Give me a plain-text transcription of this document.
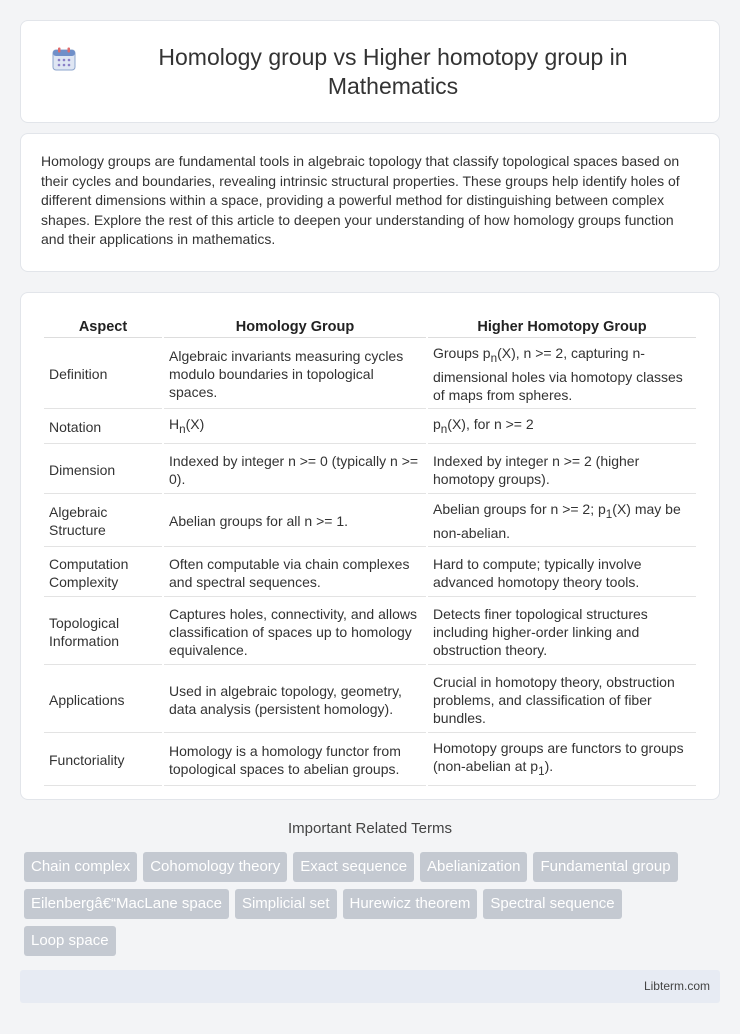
Homology group vs Higher homotopy group in Mathematics

Homology groups are fundamental tools in algebraic topology that classify topological spaces based on their cycles and boundaries, revealing intrinsic structural properties. These groups help identify holes of different dimensions within a space, providing a powerful method for distinguishing between complex shapes. Explore the rest of this article to deepen your understanding of how homology groups function and their applications in mathematics.

Aspect	Homology Group	Higher Homotopy Group
Definition	Algebraic invariants measuring cycles modulo boundaries in topological spaces.	Groups $p_n(X)$, n >= 2, capturing n-dimensional holes via homotopy classes of maps from spheres.
Notation	$H_n(X)$	$p_n(X)$, for n >= 2
Dimension	Indexed by integer n >= 0 (typically n >= 0).	Indexed by integer n >= 2 (higher homotopy groups).
Algebraic Structure	Abelian groups for all n >= 1.	Abelian groups for n >= 2; $p_1(X)$ may be non-abelian.
Computation Complexity	Often computable via chain complexes and spectral sequences.	Hard to compute; typically involve advanced homotopy theory tools.
Topological Information	Captures holes, connectivity, and allows classification of spaces up to homology equivalence.	Detects finer topological structures including higher-order linking and obstruction theory.
Applications	Used in algebraic topology, geometry, data analysis (persistent homology).	Crucial in homotopy theory, obstruction problems, and classification of fiber bundles.
Functoriality	Homology is a homology functor from topological spaces to abelian groups.	Homotopy groups are functors to groups (non-abelian at $p_1$).
Important Related Terms
Chain complex	Cohomology theory	Exact sequence	Abelianization	Fundamental group
Eilenbergâ€“MacLane space	Simplicial set	Hurewicz theorem	Spectral sequence
Loop space
Libterm.com
